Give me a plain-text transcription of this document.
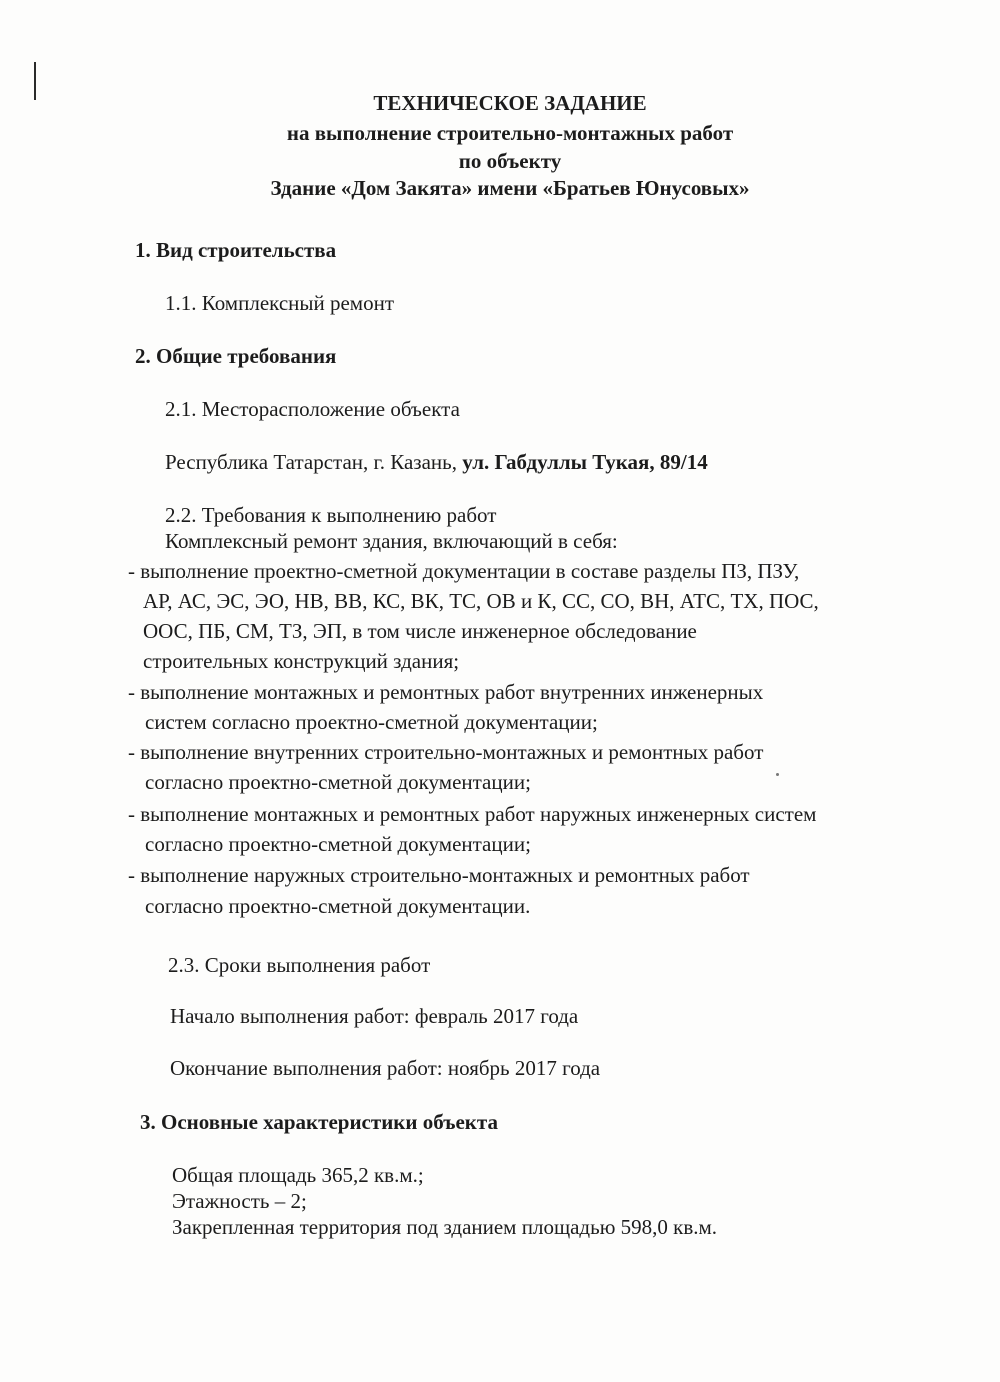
ТЕХНИЧЕСКОЕ ЗАДАНИЕ

на выполнение строительно-монтажных работ

по объекту

Здание «Дом Закята» имени «Братьев Юнусовых»

1. Вид строительства

1.1. Комплексный ремонт

2. Общие требования

2.1. Месторасположение объекта

Республика Татарстан, г. Казань, ул. Габдуллы Тукая, 89/14

2.2. Требования к выполнению работ

Комплексный ремонт здания, включающий в себя:

- выполнение проектно-сметной документации в составе разделы ПЗ, ПЗУ,

АР, АС, ЭС, ЭО, НВ, ВВ, КС, ВК, ТС, ОВ и К, СС, СО, ВН, АТС, ТХ, ПОС,

ООС, ПБ, СМ, ТЗ, ЭП, в том числе инженерное обследование

строительных конструкций здания;

- выполнение монтажных и ремонтных работ внутренних инженерных

систем согласно проектно-сметной документации;

- выполнение внутренних строительно-монтажных и ремонтных работ

согласно проектно-сметной документации;

- выполнение монтажных и ремонтных работ наружных инженерных систем

согласно проектно-сметной документации;

- выполнение наружных строительно-монтажных и ремонтных работ

согласно проектно-сметной документации.

2.3. Сроки выполнения работ

Начало выполнения работ: февраль 2017 года

Окончание выполнения работ: ноябрь 2017 года

3. Основные характеристики объекта

Общая площадь 365,2 кв.м.;

Этажность – 2;

Закрепленная территория под зданием площадью 598,0 кв.м.
